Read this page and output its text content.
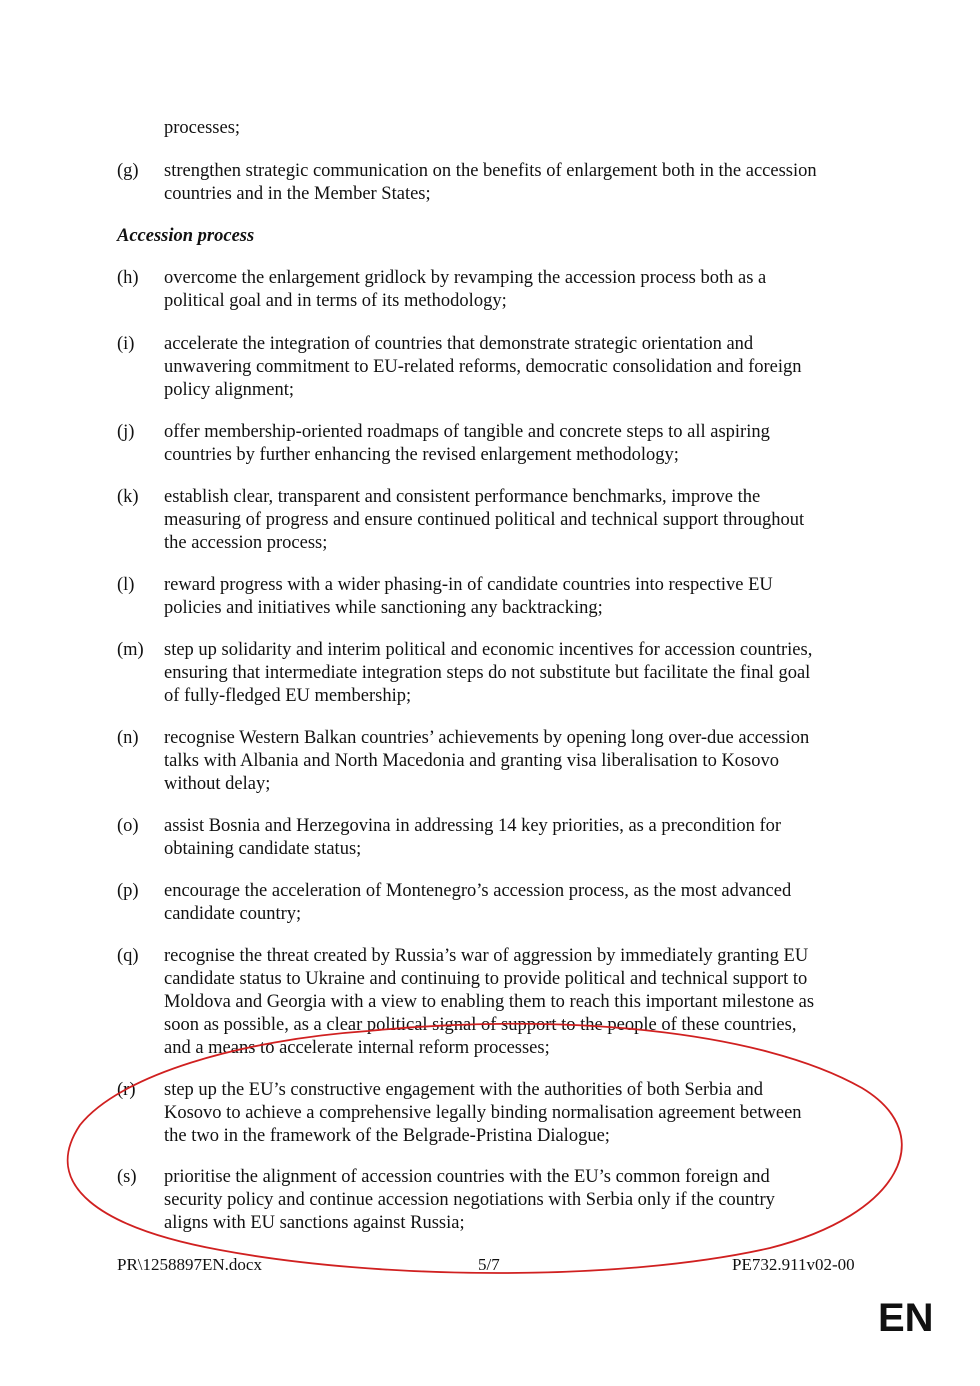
processes;
(g) strengthen strategic communication on the benefits of enlargement both in the accession
countries and in the Member States;
Accession process
(h) overcome the enlargement gridlock by revamping the accession process both as a
political goal and in terms of its methodology;
(i) accelerate the integration of countries that demonstrate strategic orientation and
unwavering commitment to EU-related reforms, democratic consolidation and foreign
policy alignment;
(j) offer membership-oriented roadmaps of tangible and concrete steps to all aspiring
countries by further enhancing the revised enlargement methodology;
(k) establish clear, transparent and consistent performance benchmarks, improve the
measuring of progress and ensure continued political and technical support throughout
the accession process;
(l) reward progress with a wider phasing-in of candidate countries into respective EU
policies and initiatives while sanctioning any backtracking;
(m) step up solidarity and interim political and economic incentives for accession countries,
ensuring that intermediate integration steps do not substitute but facilitate the final goal
of fully-fledged EU membership;
(n) recognise Western Balkan countries’ achievements by opening long over-due accession
talks with Albania and North Macedonia and granting visa liberalisation to Kosovo
without delay;
(o) assist Bosnia and Herzegovina in addressing 14 key priorities, as a precondition for
obtaining candidate status;
(p) encourage the acceleration of Montenegro’s accession process, as the most advanced
candidate country;
(q) recognise the threat created by Russia’s war of aggression by immediately granting EU
candidate status to Ukraine and continuing to provide political and technical support to
Moldova and Georgia with a view to enabling them to reach this important milestone as
soon as possible, as a clear political signal of support to the people of these countries,
and a means to accelerate internal reform processes;
(r) step up the EU’s constructive engagement with the authorities of both Serbia and
Kosovo to achieve a comprehensive legally binding normalisation agreement between
the two in the framework of the Belgrade-Pristina Dialogue;
(s) prioritise the alignment of accession countries with the EU’s common foreign and
security policy and continue accession negotiations with Serbia only if the country
aligns with EU sanctions against Russia;
PR\1258897EN.docx	5/7	PE732.911v02-00
EN
